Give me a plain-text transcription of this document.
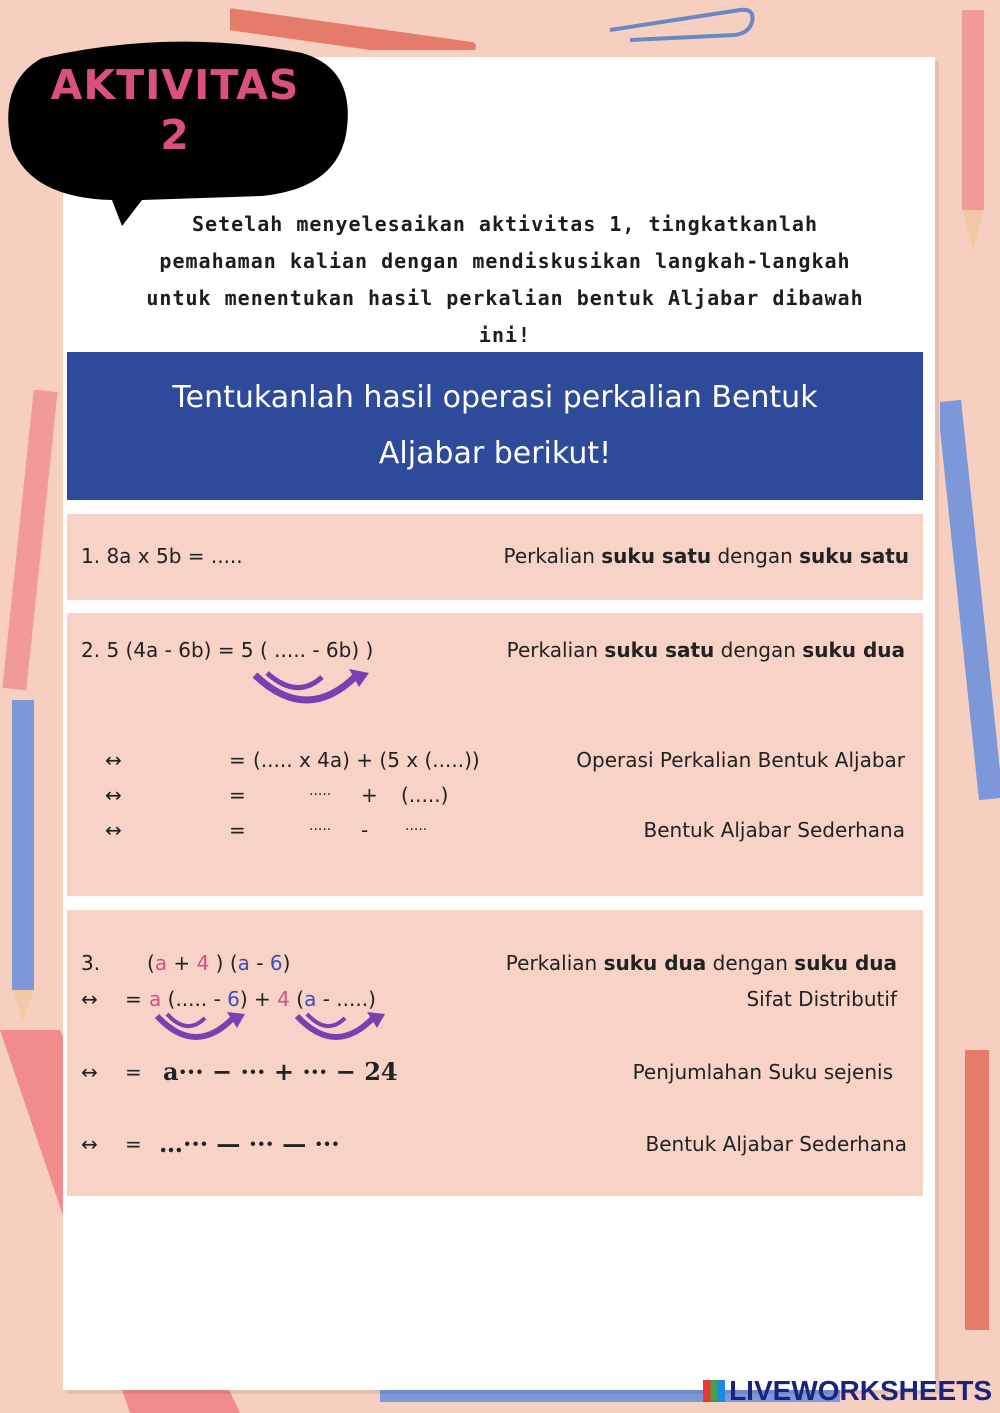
AKTIVITAS
2
Setelah menyelesaikan aktivitas 1, tingkatkanlah
pemahaman kalian dengan mendiskusikan langkah-langkah
untuk menentukan hasil perkalian bentuk Aljabar dibawah
ini!
Tentukanlah hasil operasi perkalian Bentuk
Aljabar berikut!
1. 8a x 5b = .....	Perkalian suku satu dengan suku satu
2. 5 (4a - 6b) = 5 ( ..... - 6b) )	Perkalian suku satu dengan suku dua
↔	= (..... x 4a) + (5 x (.....))	Operasi Perkalian Bentuk Aljabar
↔	=	..... + (.....)
↔	=	..... -	.....	Bentuk Aljabar Sederhana
3. (a + 4 ) (a - 6)	Perkalian suku dua dengan suku dua
↔ = a (..... - 6) + 4 (a - .....)	Sifat Distributif
↔ = a··· − ··· + ··· − 24	Penjumlahan Suku sejenis
↔ = …··· — ··· — ···	Bentuk Aljabar Sederhana
LIVEWORKSHEETS
